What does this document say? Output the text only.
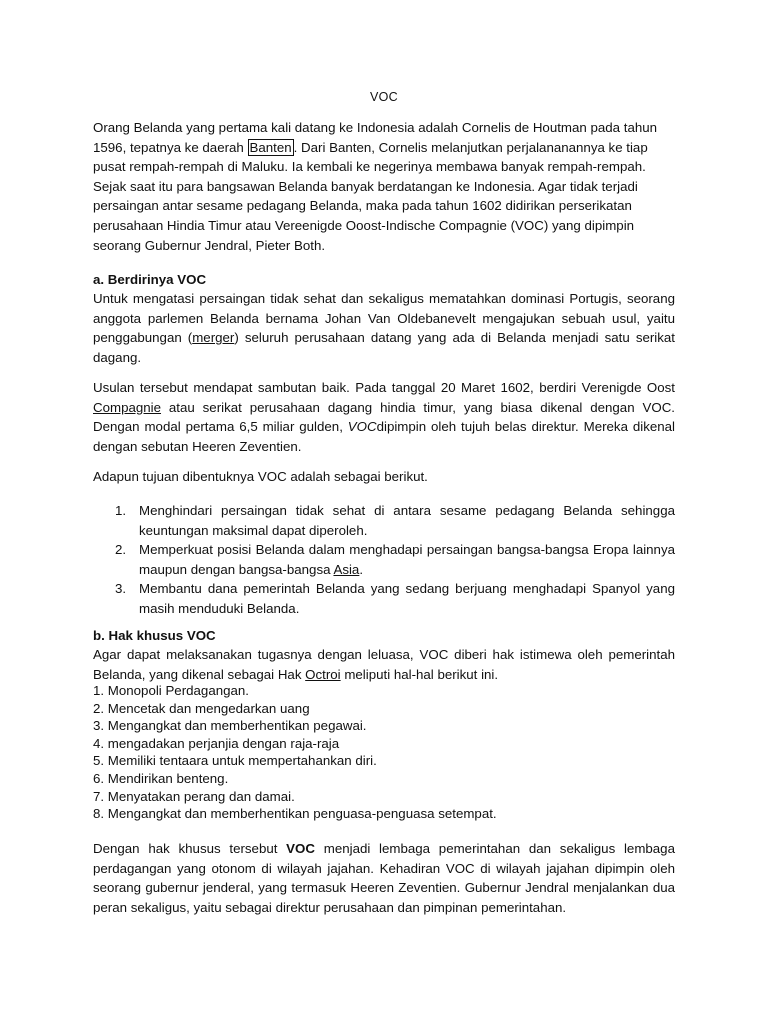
VOC

Orang Belanda yang pertama kali datang ke Indonesia adalah Cornelis de Houtman pada tahun 1596, tepatnya ke daerah Banten . Dari Banten, Cornelis melanjutkan perjalananannya ke tiap pusat rempah-rempah di Maluku. Ia kembali ke negerinya membawa banyak rempah-rempah. Sejak saat itu para bangsawan Belanda banyak berdatangan ke Indonesia. Agar tidak terjadi persaingan antar sesame pedagang Belanda, maka pada tahun 1602 didirikan perserikatan perusahaan Hindia Timur atau Vereenigde Ooost-Indische Compagnie (VOC) yang dipimpin seorang Gubernur Jendral, Pieter Both.

a. Berdirinya VOC

Untuk mengatasi persaingan tidak sehat dan sekaligus mematahkan dominasi Portugis, seorang anggota parlemen Belanda bernama Johan Van Oldebanevelt mengajukan sebuah usul, yaitu penggabungan (merger) seluruh perusahaan datang yang ada di Belanda menjadi satu serikat dagang.

Usulan tersebut mendapat sambutan baik. Pada tanggal 20 Maret 1602, berdiri Verenigde Oost Compagnie atau serikat perusahaan dagang hindia timur, yang biasa dikenal dengan VOC. Dengan modal pertama 6,5 miliar gulden, VOCdipimpin oleh tujuh belas direktur. Mereka dikenal dengan sebutan Heeren Zeventien.

Adapun tujuan dibentuknya VOC adalah sebagai berikut.

1. Menghindari persaingan tidak sehat di antara sesame pedagang Belanda sehingga keuntungan maksimal dapat diperoleh.
2. Memperkuat posisi Belanda dalam menghadapi persaingan bangsa-bangsa Eropa lainnya maupun dengan bangsa-bangsa Asia.
3. Membantu dana pemerintah Belanda yang sedang berjuang menghadapi Spanyol yang masih menduduki Belanda.
b. Hak khusus VOC

Agar dapat melaksanakan tugasnya dengan leluasa, VOC diberi hak istimewa oleh pemerintah Belanda, yang dikenal sebagai Hak Octroi meliputi hal-hal berikut ini.

1. Monopoli Perdagangan.
2. Mencetak dan mengedarkan uang
3. Mengangkat dan memberhentikan pegawai.
4. mengadakan perjanjia dengan raja-raja
5. Memiliki tentaara untuk mempertahankan diri.
6. Mendirikan benteng.
7. Menyatakan perang dan damai.
8. Mengangkat dan memberhentikan penguasa-penguasa setempat.

Dengan hak khusus tersebut VOC menjadi lembaga pemerintahan dan sekaligus lembaga perdagangan yang otonom di wilayah jajahan. Kehadiran VOC di wilayah jajahan dipimpin oleh seorang gubernur jenderal, yang termasuk Heeren Zeventien. Gubernur Jendral menjalankan dua peran sekaligus, yaitu sebagai direktur perusahaan dan pimpinan pemerintahan.
